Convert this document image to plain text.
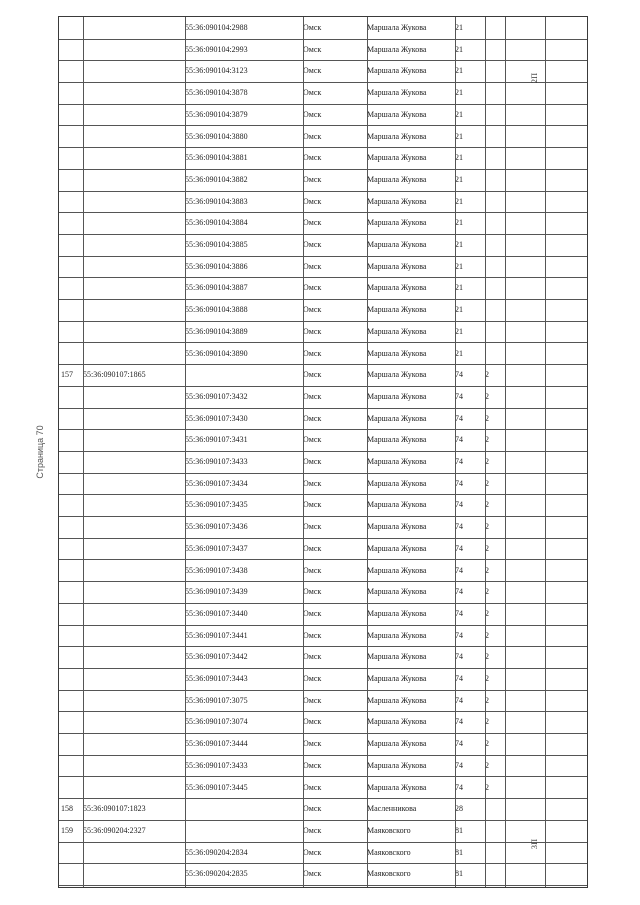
Страница 70
55:36:090104:2988	Омск	Маршала Жукова	21
55:36:090104:2993	Омск	Маршала Жукова	21
55:36:090104:3123	Омск	Маршала Жукова	21
55:36:090104:3878	Омск	Маршала Жукова	21
55:36:090104:3879	Омск	Маршала Жукова	21
55:36:090104:3880	Омск	Маршала Жукова	21
55:36:090104:3881	Омск	Маршала Жукова	21
55:36:090104:3882	Омск	Маршала Жукова	21
55:36:090104:3883	Омск	Маршала Жукова	21
55:36:090104:3884	Омск	Маршала Жукова	21
55:36:090104:3885	Омск	Маршала Жукова	21
55:36:090104:3886	Омск	Маршала Жукова	21
55:36:090104:3887	Омск	Маршала Жукова	21
55:36:090104:3888	Омск	Маршала Жукова	21
55:36:090104:3889	Омск	Маршала Жукова	21
55:36:090104:3890	Омск	Маршала Жукова	21
157	55:36:090107:1865	Омск	Маршала Жукова	74	2
55:36:090107:3432	Омск	Маршала Жукова	74	2
55:36:090107:3430	Омск	Маршала Жукова	74	2
55:36:090107:3431	Омск	Маршала Жукова	74	2
55:36:090107:3433	Омск	Маршала Жукова	74	2
55:36:090107:3434	Омск	Маршала Жукова	74	2
55:36:090107:3435	Омск	Маршала Жукова	74	2
55:36:090107:3436	Омск	Маршала Жукова	74	2
55:36:090107:3437	Омск	Маршала Жукова	74	2
55:36:090107:3438	Омск	Маршала Жукова	74	2
55:36:090107:3439	Омск	Маршала Жукова	74	2
55:36:090107:3440	Омск	Маршала Жукова	74	2
55:36:090107:3441	Омск	Маршала Жукова	74	2
55:36:090107:3442	Омск	Маршала Жукова	74	2
55:36:090107:3443	Омск	Маршала Жукова	74	2
55:36:090107:3075	Омск	Маршала Жукова	74	2
55:36:090107:3074	Омск	Маршала Жукова	74	2
55:36:090107:3444	Омск	Маршала Жукова	74	2
55:36:090107:3433	Омск	Маршала Жукова	74	2
55:36:090107:3445	Омск	Маршала Жукова	74	2
158	55:36:090107:1823	Омск	Масленникова	28
159	55:36:090204:2327	Омск	Маяковского	81
55:36:090204:2834	Омск	Маяковского	81
55:36:090204:2835	Омск	Маяковского	81
2П
3П
